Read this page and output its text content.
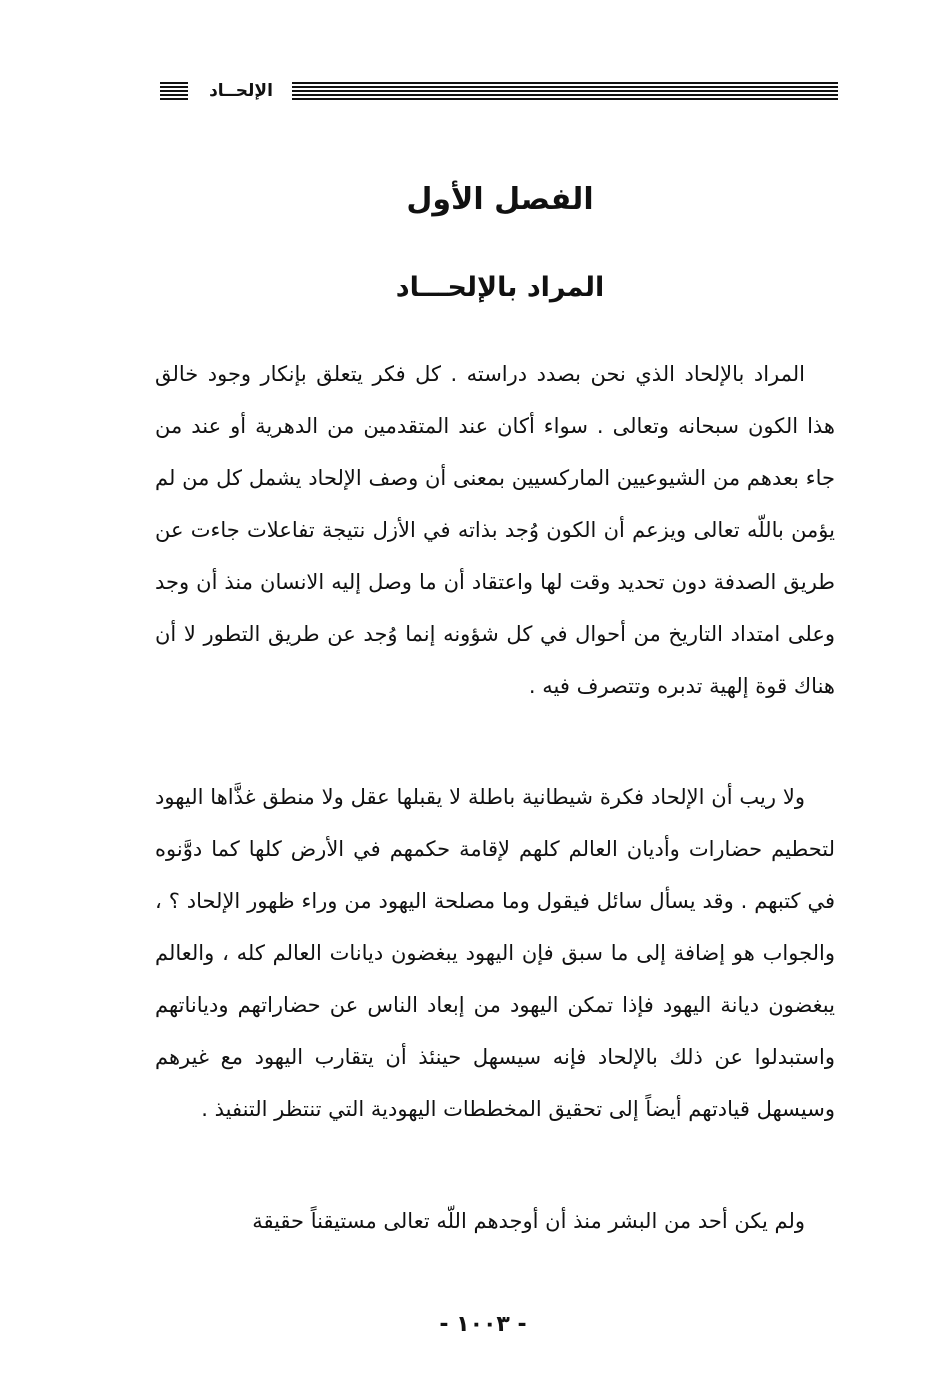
الإلحــاد
الفصل الأول
المراد بالإلحـــاد

المراد بالإلحاد الذي نحن بصدد دراسته . كل فكر يتعلق بإنكار وجود خالق هذا الكون سبحانه وتعالى . سواء أكان عند المتقدمين من الدهرية أو عند من جاء بعدهم من الشيوعيين الماركسيين بمعنى أن وصف الإلحاد يشمل كل من لم يؤمن باللّه تعالى ويزعم أن الكون وُجد بذاته في الأزل نتيجة تفاعلات جاءت عن طريق الصدفة دون تحديد وقت لها واعتقاد أن ما وصل إليه الانسان منذ أن وجد وعلى امتداد التاريخ من أحوال في كل شؤونه إنما وُجد عن طريق التطور لا أن هناك قوة إلهية تدبره وتتصرف فيه .

ولا ريب أن الإلحاد فكرة شيطانية باطلة لا يقبلها عقل ولا منطق غذَّاها اليهود لتحطيم حضارات وأديان العالم كلهم لإقامة حكمهم في الأرض كلها كما دوَّنوه في كتبهم . وقد يسأل سائل فيقول وما مصلحة اليهود من وراء ظهور الإلحاد ؟ ، والجواب هو إضافة إلى ما سبق فإن اليهود يبغضون ديانات العالم كله ، والعالم يبغضون ديانة اليهود فإذا تمكن اليهود من إبعاد الناس عن حضاراتهم ودياناتهم واستبدلوا عن ذلك بالإلحاد فإنه سيسهل حينئذ أن يتقارب اليهود مع غيرهم وسيسهل قيادتهم أيضاً إلى تحقيق المخططات اليهودية التي تنتظر التنفيذ .

ولم يكن أحد من البشر منذ أن أوجدهم اللّه تعالى مستيقناً حقيقة

- ١٠٠٣ -
